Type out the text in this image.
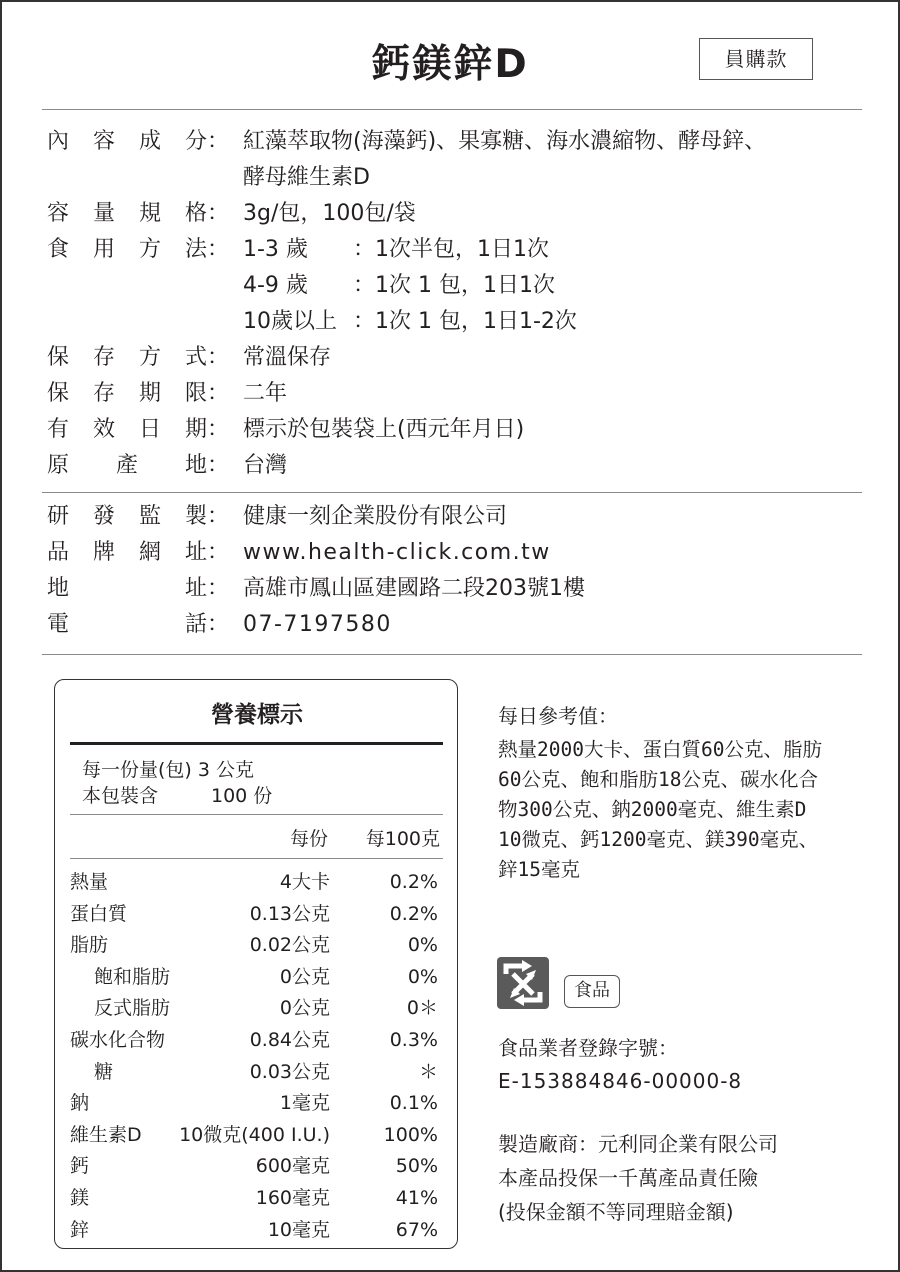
鈣鎂鋅D	員購款
內 容 成 分 ： 紅藻萃取物(海藻鈣)、果寡糖、海水濃縮物、酵母鋅、
酵母維生素D
容 量 規 格 ： 3g/包，100包/袋
食 用 方 法 ： 1-3 歲 ：1次半包，1日1次
4-9 歲 ：1次 1 包，1日1次
10歲以上 ：1次 1 包，1日1-2次
保 存 方 式 ： 常溫保存
保 存 期 限 ： 二年
有 效 日 期 ： 標示於包裝袋上(西元年月日)
原 產 地 ： 台灣
研 發 監 製 ： 健康一刻企業股份有限公司
品 牌 網 址 ： www.health-click.com.tw
地	址 ： 高雄市鳳山區建國路二段203號1樓
電	話 ： 07-7197580
營養標示
每一份量(包) 3 公克
本包裝含	100 份
每份 每100克
熱量	4大卡	0.2%
蛋白質	0.13公克	0.2%
脂肪	0.02公克	0%
飽和脂肪	0公克	0%
反式脂肪	0公克	0＊
碳水化合物	0.84公克	0.3%
糖	0.03公克	＊
鈉	1毫克	0.1%
維生素D 10微克(400 I.U.)	100%
鈣	600毫克	50%
鎂	160毫克	41%
鋅	10毫克	67%
每日參考值：
熱量2000大卡、蛋白質60公克、脂肪
60公克、飽和脂肪18公克、碳水化合
物300公克、鈉2000毫克、維生素D
10微克、鈣1200毫克、鎂390毫克、
鋅15毫克
食品
食品業者登錄字號：
E-153884846-00000-8
製造廠商：元利同企業有限公司
本產品投保一千萬產品責任險
(投保金額不等同理賠金額)
